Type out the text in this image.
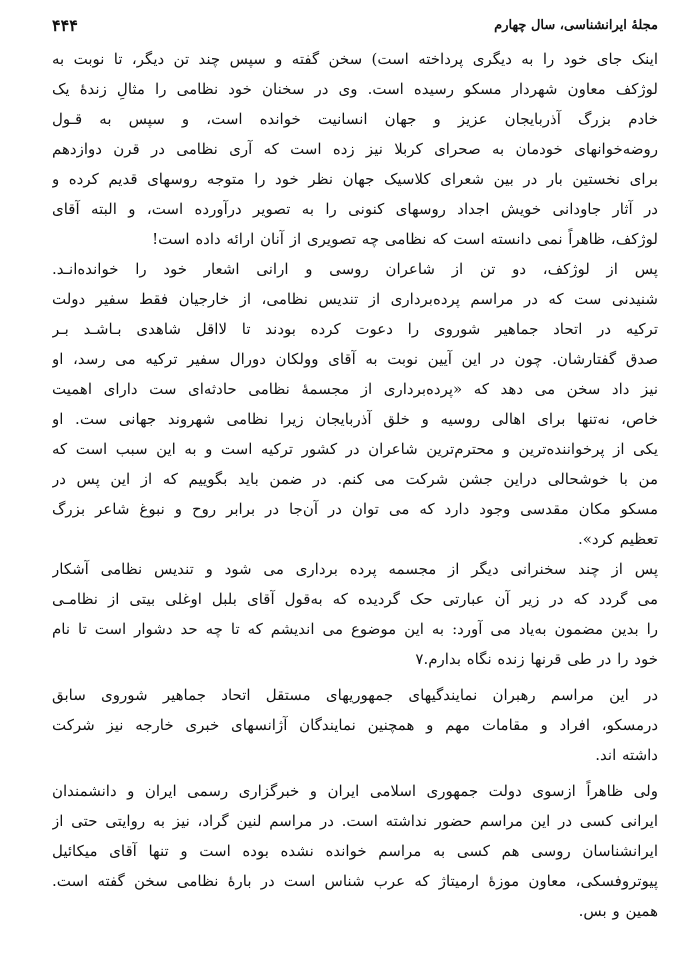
مجلهٔ ایرانشناسی، سال چهارم
۴۴۴
اینک جای خود را به دیگری پرداخته است) سخن گفته و سپس چند تن دیگر، تا نوبت به
لوژکف معاون شهردار مسکو رسیده است. وی در سخنان خود نظامی را مثالِ زندهٔ یک
خادم بزرگ آذربایجان عزیز و جهان انسانیت خوانده است، و سپس به قـول
روضه‌خوانهای خودمان به صحرای کربلا نیز زده است که آری نظامی در قرن دوازدهم
برای نخستین بار در بین شعرای کلاسیک جهان نظر خود را متوجه روسهای قدیم کرده و
در آثار جاودانی خویش اجداد روسهای کنونی را به تصویر درآورده است، و البته آقای
لوژکف، ظاهراً نمی دانسته است که نظامی چه تصویری از آنان ارائه داده است!
پس از لوژکف، دو تن از شاعران روسی و ارانی اشعار خود را خوانده‌انـد.
شنیدنی ست که در مراسم پرده‌برداری از تندیس نظامی، از خارجیان فقط سفیر دولت
ترکیه در اتحاد جماهیر شوروی را دعوت کرده بودند تا لااقل شاهدی بـاشـد بـر
صدق گفتارشان. چون در این آیین نوبت به آقای وولکان دورال سفیر ترکیه می رسد، او
نیز داد سخن می دهد که «پرده‌برداری از مجسمهٔ نظامی حادثه‌ای ست دارای اهمیت
خاص، نه‌تنها برای اهالی روسیه و خلق آذربایجان زیرا نظامی شهروند جهانی ست. او
یکی از پرخواننده‌ترین و محترم‌ترین شاعران در کشور ترکیه است و به این سبب است که
من با خوشحالی دراین جشن شرکت می کنم. در ضمن باید بگوییم که از این پس در
مسکو مکان مقدسی وجود دارد که می توان در آن‌جا در برابر روح و نبوغ شاعر بزرگ
تعظیم کرد».
پس از چند سخنرانی دیگر از مجسمه پرده برداری می شود و تندیس نظامی آشکار
می گردد که در زیر آن عبارتی حک گردیده که به‌قول آقای بلبل اوغلی بیتی از نظامـی
را بدین مضمون به‌یاد می آورد: به این موضوع می اندیشم که تا چه حد دشوار است تا نام
خود را در طی قرنها زنده نگاه بدارم.۷
در این مراسم رهبران نمایندگیهای جمهوریهای مستقل اتحاد جماهیر شوروی سابق
درمسکو، افراد و مقامات مهم و همچنین نمایندگان آژانسهای خبری خارجه نیز شرکت
داشته اند.
ولی ظاهراً ازسوی دولت جمهوری اسلامی ایران و خبرگزاری رسمی ایران و دانشمندان
ایرانی کسی در این مراسم حضور نداشته است. در مراسم لنین گراد، نیز به روایتی حتی از
ایرانشناسان روسی هم کسی به مراسم خوانده نشده بوده است و تنها آقای میکائیل
پیوتروفسکی، معاون موزهٔ ارمیتاژ که عرب شناس است در بارهٔ نظامی سخن گفته است.
همین و بس.
